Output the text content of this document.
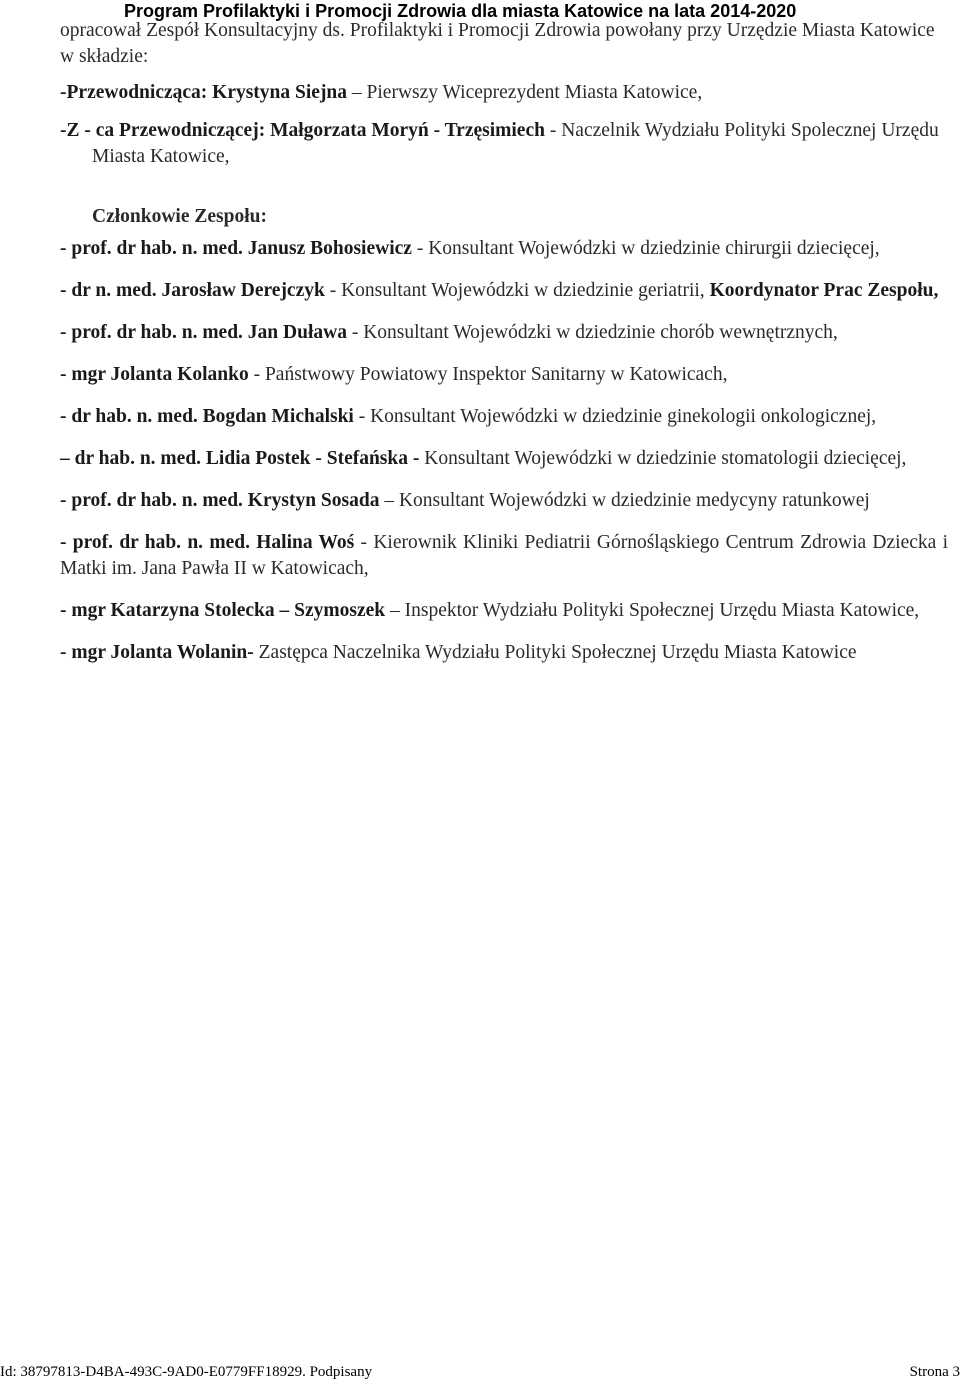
Program Profilaktyki i Promocji Zdrowia dla miasta Katowice na lata 2014-2020

opracował Zespół Konsultacyjny ds. Profilaktyki i Promocji Zdrowia powołany przy Urzędzie Miasta Katowice w składzie:

-Przewodnicząca: Krystyna Siejna – Pierwszy Wiceprezydent Miasta Katowice,

-Z - ca Przewodniczącej: Małgorzata Moryń - Trzęsimiech - Naczelnik Wydziału Polityki Spolecznej Urzędu Miasta Katowice,

Członkowie Zespołu:
- prof. dr hab. n. med. Janusz Bohosiewicz - Konsultant Wojewódzki w dziedzinie chirurgii dziecięcej,
- dr n. med. Jarosław Derejczyk - Konsultant Wojewódzki w dziedzinie geriatrii, Koordynator Prac Zespołu,
- prof. dr hab. n. med. Jan Duława - Konsultant Wojewódzki w dziedzinie chorób wewnętrznych,
- mgr Jolanta Kolanko - Państwowy Powiatowy Inspektor Sanitarny w Katowicach,
- dr hab. n. med. Bogdan Michalski - Konsultant Wojewódzki w dziedzinie ginekologii onkologicznej,
– dr hab. n. med. Lidia Postek - Stefańska - Konsultant Wojewódzki w dziedzinie stomatologii dziecięcej,
- prof. dr hab. n. med. Krystyn Sosada – Konsultant Wojewódzki w dziedzinie medycyny ratunkowej
- prof. dr hab. n. med. Halina Woś - Kierownik Kliniki Pediatrii Górnośląskiego Centrum Zdrowia Dziecka i Matki im. Jana Pawła II w Katowicach,
- mgr Katarzyna Stolecka – Szymoszek – Inspektor Wydziału Polityki Społecznej Urzędu Miasta Katowice,
- mgr Jolanta Wolanin- Zastępca Naczelnika Wydziału Polityki Społecznej Urzędu Miasta Katowice
Id: 38797813-D4BA-493C-9AD0-E0779FF18929. Podpisany	Strona 3
